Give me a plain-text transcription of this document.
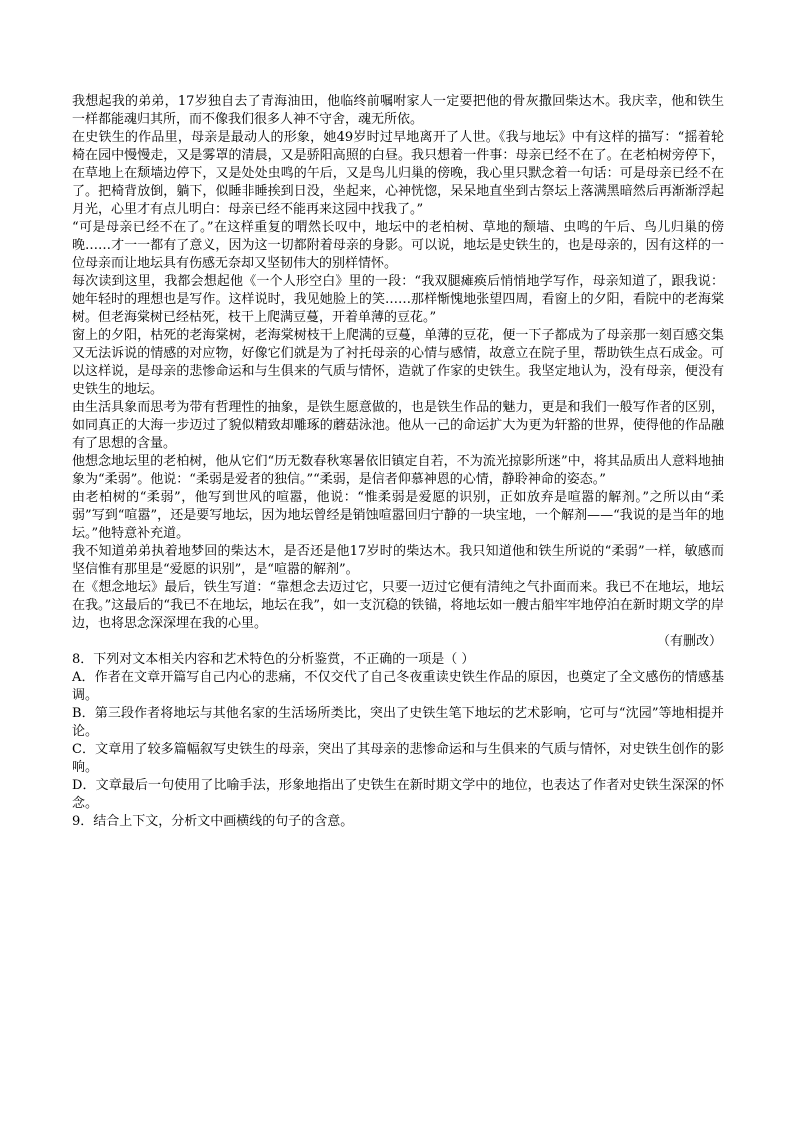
我想起我的弟弟，17岁独自去了青海油田，他临终前嘱咐家人一定要把他的骨灰撒回柴达木。我庆幸，他和铁生一样都能魂归其所，而不像我们很多人神不守舍，魂无所依。

在史铁生的作品里，母亲是最动人的形象，她49岁时过早地离开了人世。《我与地坛》中有这样的描写：“摇着轮椅在园中慢慢走，又是雾罩的清晨，又是骄阳高照的白昼。我只想着一件事：母亲已经不在了。在老柏树旁停下，在草地上在颓墙边停下，又是处处虫鸣的午后，又是鸟儿归巢的傍晚，我心里只默念着一句话：可是母亲已经不在了。把椅背放倒，躺下，似睡非睡挨到日没，坐起来，心神恍惚，呆呆地直坐到古祭坛上落满黑暗然后再渐渐浮起月光，心里才有点儿明白：母亲已经不能再来这园中找我了。”

“可是母亲已经不在了。”在这样重复的喟然长叹中，地坛中的老柏树、草地的颓墙、虫鸣的午后、鸟儿归巢的傍晚……才一一都有了意义，因为这一切都附着母亲的身影。可以说，地坛是史铁生的，也是母亲的，因有这样的一位母亲而让地坛具有伤感无奈却又坚韧伟大的别样情怀。

每次读到这里，我都会想起他《一个人形空白》里的一段：“我双腿瘫痪后悄悄地学写作，母亲知道了，跟我说：她年轻时的理想也是写作。这样说时，我见她脸上的笑……那样惭愧地张望四周，看窗上的夕阳，看院中的老海棠树。但老海棠树已经枯死，枝干上爬满豆蔓，开着单薄的豆花。”

窗上的夕阳，枯死的老海棠树，老海棠树枝干上爬满的豆蔓，单薄的豆花，便一下子都成为了母亲那一刻百感交集又无法诉说的情感的对应物，好像它们就是为了衬托母亲的心情与感情，故意立在院子里，帮助铁生点石成金。可以这样说，是母亲的悲惨命运和与生俱来的气质与情怀，造就了作家的史铁生。我坚定地认为，没有母亲，便没有史铁生的地坛。

由生活具象而思考为带有哲理性的抽象，是铁生愿意做的，也是铁生作品的魅力，更是和我们一般写作者的区别，如同真正的大海一步迈过了貌似精致却雕琢的蘑菇泳池。他从一己的命运扩大为更为轩豁的世界，使得他的作品融有了思想的含量。

他想念地坛里的老柏树，他从它们“历无数春秋寒暑依旧镇定自若，不为流光掠影所迷”中，将其品质出人意料地抽象为“柔弱”。他说：“柔弱是爱者的独信。”“柔弱，是信者仰慕神恩的心情，静聆神命的姿态。”

由老柏树的“柔弱”，他写到世风的喧嚣，他说：“惟柔弱是爱愿的识别，正如放弃是喧嚣的解剂。”之所以由“柔弱”写到“喧嚣”，还是要写地坛，因为地坛曾经是销蚀喧嚣回归宁静的一块宝地，一个解剂——“我说的是当年的地坛。”他特意补充道。

我不知道弟弟执着地梦回的柴达木，是否还是他17岁时的柴达木。我只知道他和铁生所说的“柔弱”一样，敏感而坚信惟有那里是“爱愿的识别”，是“喧嚣的解剂”。

在《想念地坛》最后，铁生写道：“靠想念去迈过它，只要一迈过它便有清纯之气扑面而来。我已不在地坛，地坛在我。”这最后的“我已不在地坛，地坛在我”，如一支沉稳的铁锚，将地坛如一艘古船牢牢地停泊在新时期文学的岸边，也将思念深深埋在我的心里。

（有删改）

8．下列对文本相关内容和艺术特色的分析鉴赏，不正确的一项是（ ）

A．作者在文章开篇写自己内心的悲痛，不仅交代了自己冬夜重读史铁生作品的原因，也奠定了全文感伤的情感基调。

B．第三段作者将地坛与其他名家的生活场所类比，突出了史铁生笔下地坛的艺术影响，它可与“沈园”等地相提并论。

C．文章用了较多篇幅叙写史铁生的母亲，突出了其母亲的悲惨命运和与生俱来的气质与情怀，对史铁生创作的影响。

D．文章最后一句使用了比喻手法，形象地指出了史铁生在新时期文学中的地位，也表达了作者对史铁生深深的怀念。

9．结合上下文，分析文中画横线的句子的含意。
